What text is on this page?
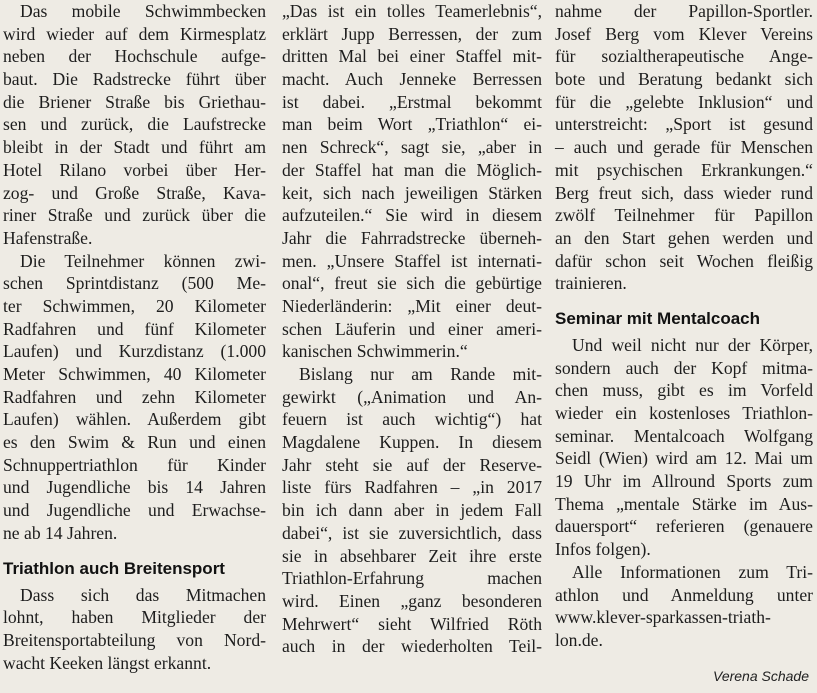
Das mobile Schwimmbecken
wird wieder auf dem Kirmesplatz
neben der Hochschule aufge-
baut. Die Radstrecke führt über
die Briener Straße bis Griethau-
sen und zurück, die Laufstrecke
bleibt in der Stadt und führt am
Hotel Rilano vorbei über Her-
zog- und Große Straße, Kava-
riner Straße und zurück über die
Hafenstraße.
Die Teilnehmer können zwi-
schen Sprintdistanz (500 Me-
ter Schwimmen, 20 Kilometer
Radfahren und fünf Kilometer
Laufen) und Kurzdistanz (1.000
Meter Schwimmen, 40 Kilometer
Radfahren und zehn Kilometer
Laufen) wählen. Außerdem gibt
es den Swim & Run und einen
Schnuppertriathlon für Kinder
und Jugendliche bis 14 Jahren
und Jugendliche und Erwachse-
ne ab 14 Jahren.
Triathlon auch Breitensport
Dass sich das Mitmachen
lohnt, haben Mitglieder der
Breitensportabteilung von Nord-
wacht Keeken längst erkannt.
„Das ist ein tolles Teamerlebnis“,
erklärt Jupp Berressen, der zum
dritten Mal bei einer Staffel mit-
macht. Auch Jenneke Berressen
ist dabei. „Erstmal bekommt
man beim Wort „Triathlon“ ei-
nen Schreck“, sagt sie, „aber in
der Staffel hat man die Möglich-
keit, sich nach jeweiligen Stärken
aufzuteilen.“ Sie wird in diesem
Jahr die Fahrradstrecke überneh-
men. „Unsere Staffel ist internati-
onal“, freut sie sich die gebürtige
Niederländerin: „Mit einer deut-
schen Läuferin und einer ameri-
kanischen Schwimmerin.“
Bislang nur am Rande mit-
gewirkt („Animation und An-
feuern ist auch wichtig“) hat
Magdalene Kuppen. In diesem
Jahr steht sie auf der Reserve-
liste fürs Radfahren – „in 2017
bin ich dann aber in jedem Fall
dabei“, ist sie zuversichtlich, dass
sie in absehbarer Zeit ihre erste
Triathlon-Erfahrung machen
wird. Einen „ganz besonderen
Mehrwert“ sieht Wilfried Röth
auch in der wiederholten Teil-
nahme der Papillon-Sportler.
Josef Berg vom Klever Vereins
für sozialtherapeutische Ange-
bote und Beratung bedankt sich
für die „gelebte Inklusion“ und
unterstreicht: „Sport ist gesund
– auch und gerade für Menschen
mit psychischen Erkrankungen.“
Berg freut sich, dass wieder rund
zwölf Teilnehmer für Papillon
an den Start gehen werden und
dafür schon seit Wochen fleißig
trainieren.
Seminar mit Mentalcoach
Und weil nicht nur der Körper,
sondern auch der Kopf mitma-
chen muss, gibt es im Vorfeld
wieder ein kostenloses Triathlon-
seminar. Mentalcoach Wolfgang
Seidl (Wien) wird am 12. Mai um
19 Uhr im Allround Sports zum
Thema „mentale Stärke im Aus-
dauersport“ referieren (genauere
Infos folgen).
Alle Informationen zum Tri-
athlon und Anmeldung unter
www.klever-sparkassen-triath-
lon.de.
Verena Schade
